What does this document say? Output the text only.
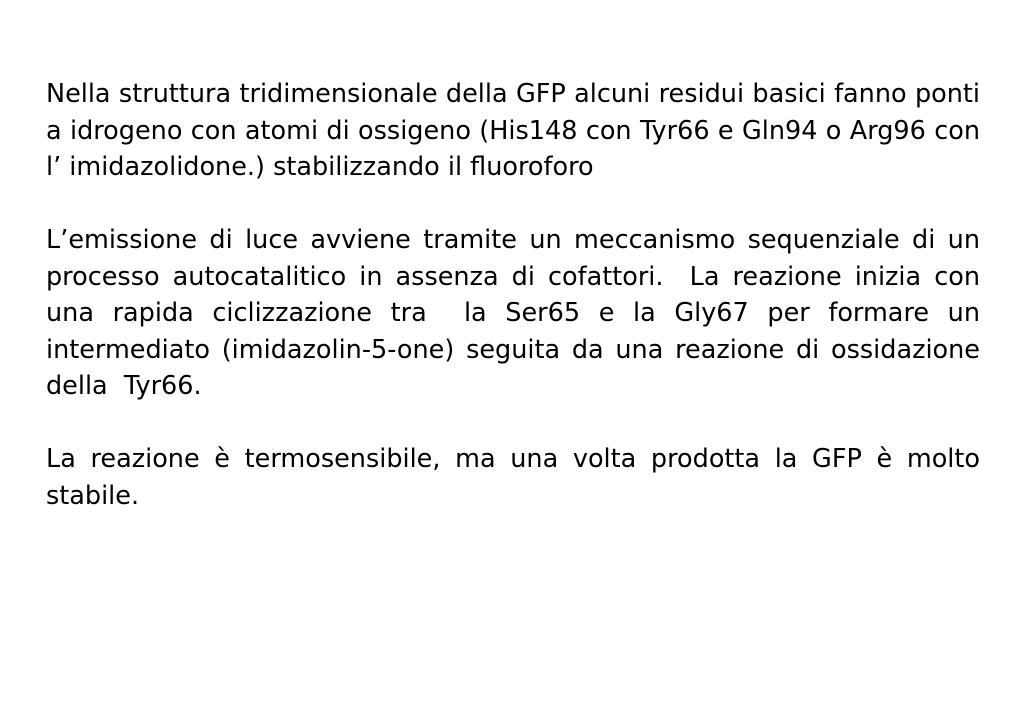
Nella struttura tridimensionale della GFP alcuni residui basici fanno ponti a idrogeno con atomi di ossigeno (His148 con Tyr66 e Gln94 o Arg96 con l’ imidazolidone.) stabilizzando il fluoroforo

L’emissione di luce avviene tramite un meccanismo sequenziale di un processo autocatalitico in assenza di cofattori.  La reazione inizia con una rapida ciclizzazione tra  la Ser65 e la Gly67 per formare un intermediato (imidazolin-5-one) seguita da una reazione di ossidazione della  Tyr66.

La reazione è termosensibile, ma una volta prodotta la GFP è molto stabile.
